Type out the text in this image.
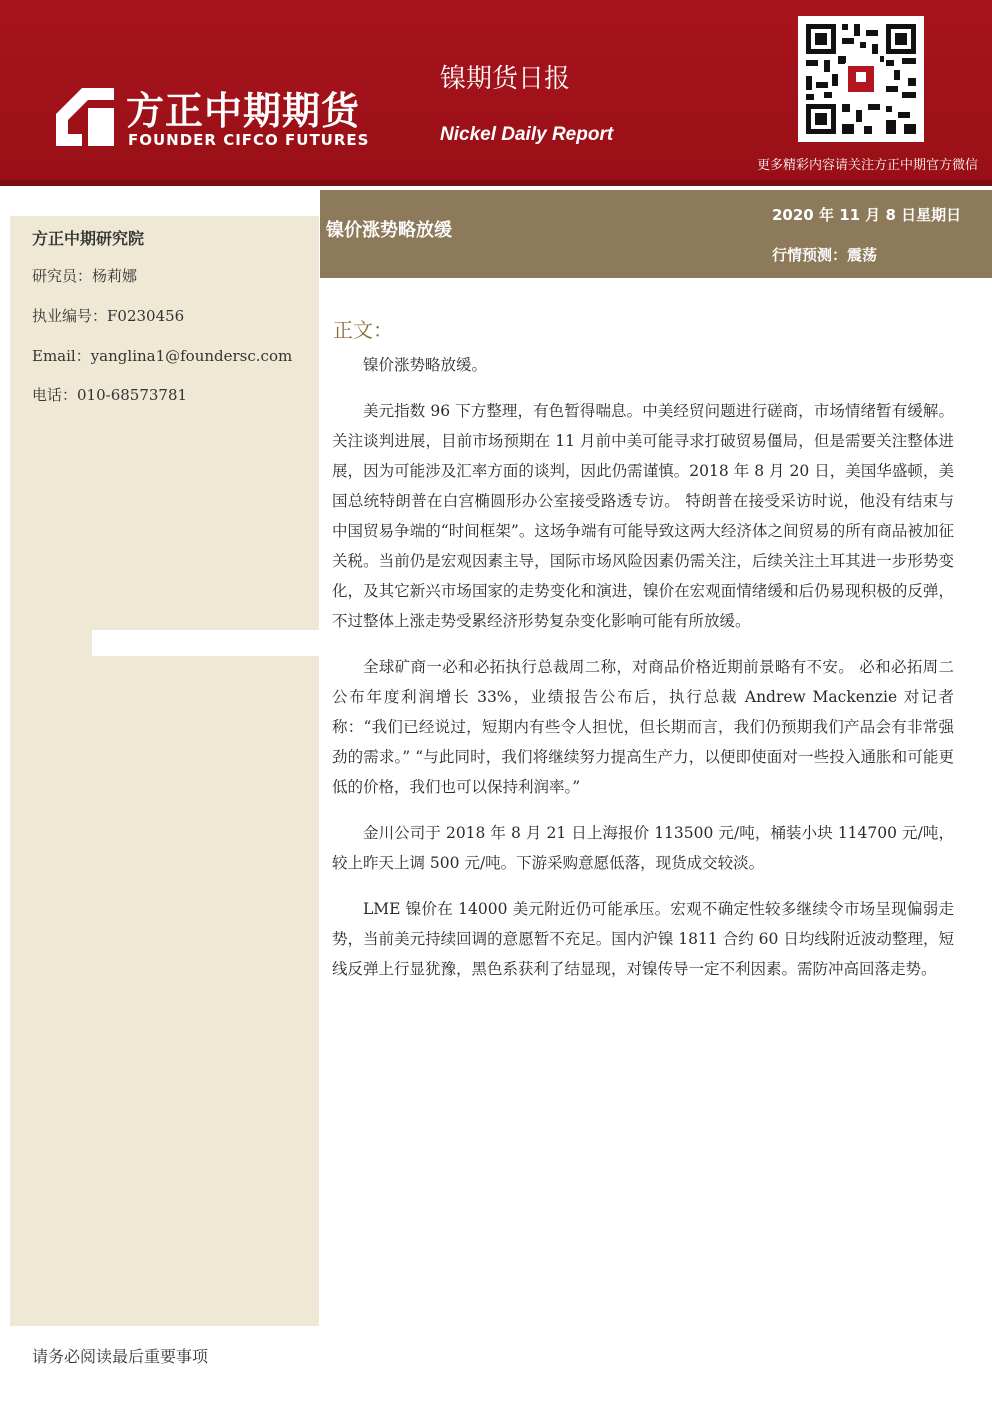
方正中期期货
FOUNDER CIFCO FUTURES
镍期货日报
Nickel Daily Report
更多精彩内容请关注方正中期官方微信
方正中期研究院
研究员：杨莉娜
执业编号：F0230456
Email：yanglina1@foundersc.com
电话：010-68573781
镍价涨势略放缓
2020 年 11 月 8 日星期日
行情预测：震荡
正文：

镍价涨势略放缓。

美元指数 96 下方整理，有色暂得喘息。中美经贸问题进行磋商，市场情绪暂有缓解。关注谈判进展，目前市场预期在 11 月前中美可能寻求打破贸易僵局，但是需要关注整体进展，因为可能涉及汇率方面的谈判，因此仍需谨慎。2018 年 8 月 20 日，美国华盛顿，美国总统特朗普在白宫椭圆形办公室接受路透专访。 特朗普在接受采访时说，他没有结束与中国贸易争端的“时间框架”。这场争端有可能导致这两大经济体之间贸易的所有商品被加征关税。当前仍是宏观因素主导，国际市场风险因素仍需关注，后续关注土耳其进一步形势变化，及其它新兴市场国家的走势变化和演进，镍价在宏观面情绪缓和后仍易现积极的反弹，不过整体上涨走势受累经济形势复杂变化影响可能有所放缓。

全球矿商一必和必拓执行总裁周二称，对商品价格近期前景略有不安。 必和必拓周二公布年度利润增长 33%，业绩报告公布后，执行总裁 Andrew Mackenzie 对记者称：“我们已经说过，短期内有些令人担忧，但长期而言，我们仍预期我们产品会有非常强劲的需求。” “与此同时，我们将继续努力提高生产力，以便即使面对一些投入通胀和可能更低的价格，我们也可以保持利润率。”

金川公司于 2018 年 8 月 21 日上海报价 113500 元/吨，桶装小块 114700 元/吨，较上昨天上调 500 元/吨。下游采购意愿低落，现货成交较淡。

LME 镍价在 14000 美元附近仍可能承压。宏观不确定性较多继续令市场呈现偏弱走势，当前美元持续回调的意愿暂不充足。国内沪镍 1811 合约 60 日均线附近波动整理，短线反弹上行显犹豫，黑色系获利了结显现，对镍传导一定不利因素。需防冲高回落走势。

请务必阅读最后重要事项
